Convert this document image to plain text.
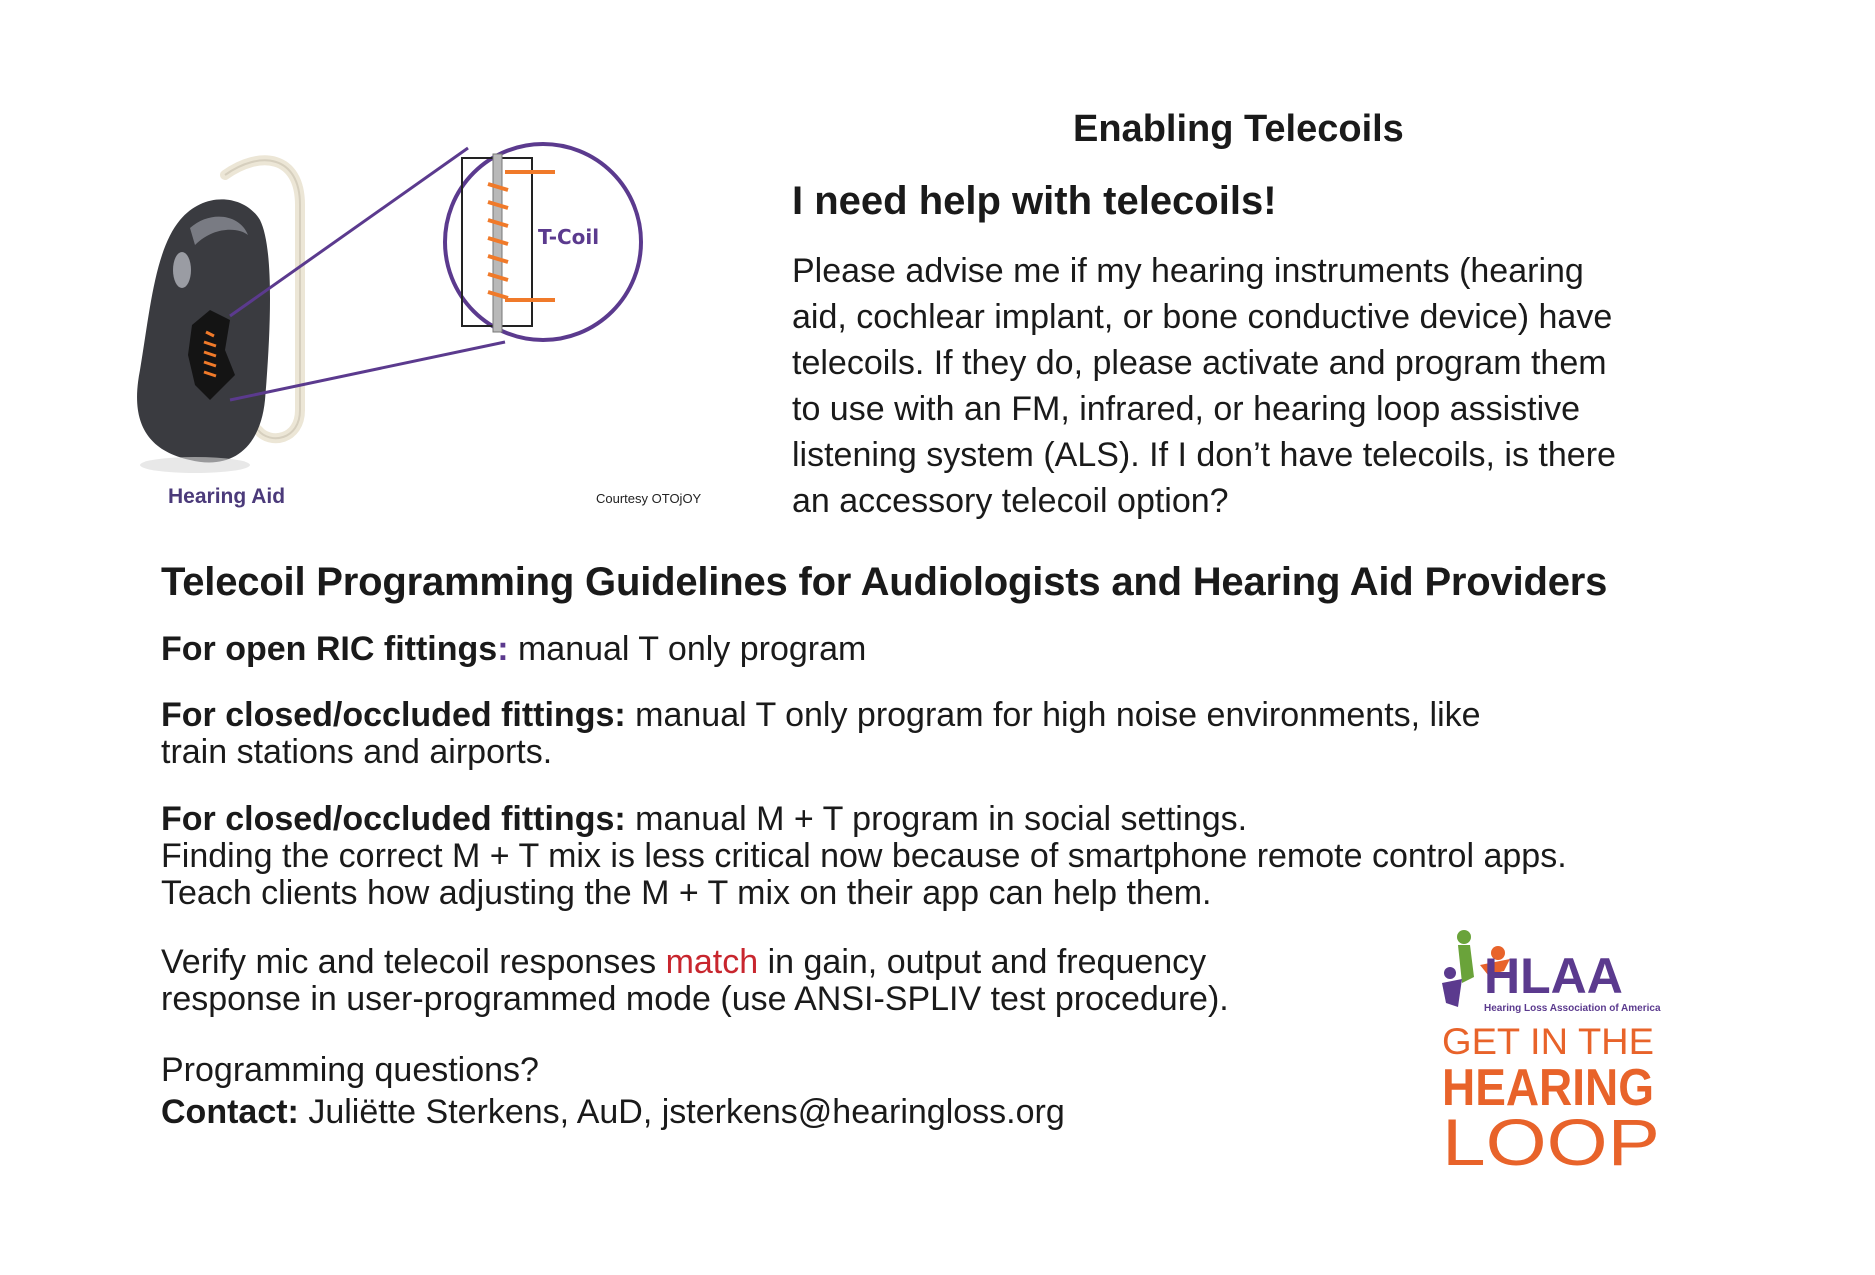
T-Coil
Hearing Aid	Courtesy OTOjOY
Enabling Telecoils
I need help with telecoils!

Please advise me if my hearing instruments (hearing

aid, cochlear implant, or bone conductive device) have

telecoils. If they do, please activate and program them

to use with an FM, infrared, or hearing loop assistive

listening system (ALS). If I don’t have telecoils, is there

an accessory telecoil option?

Telecoil Programming Guidelines for Audiologists and Hearing Aid Providers
For open RIC fittings: manual T only program
For closed/occluded fittings: manual T only program for high noise environments, like
train stations and airports.
For closed/occluded fittings: manual M + T program in social settings.
Finding the correct M + T mix is less critical now because of smartphone remote control apps.
Teach clients how adjusting the M + T mix on their app can help them.
Verify mic and telecoil responses match in gain, output and frequency
response in user-programmed mode (use ANSI-SPLIV test procedure).
Programming questions?
Contact: Juliëtte Sterkens, AuD, jsterkens@hearingloss.org
HLAA
Hearing Loss Association of America
GET IN THE
HEARING
LOOP
